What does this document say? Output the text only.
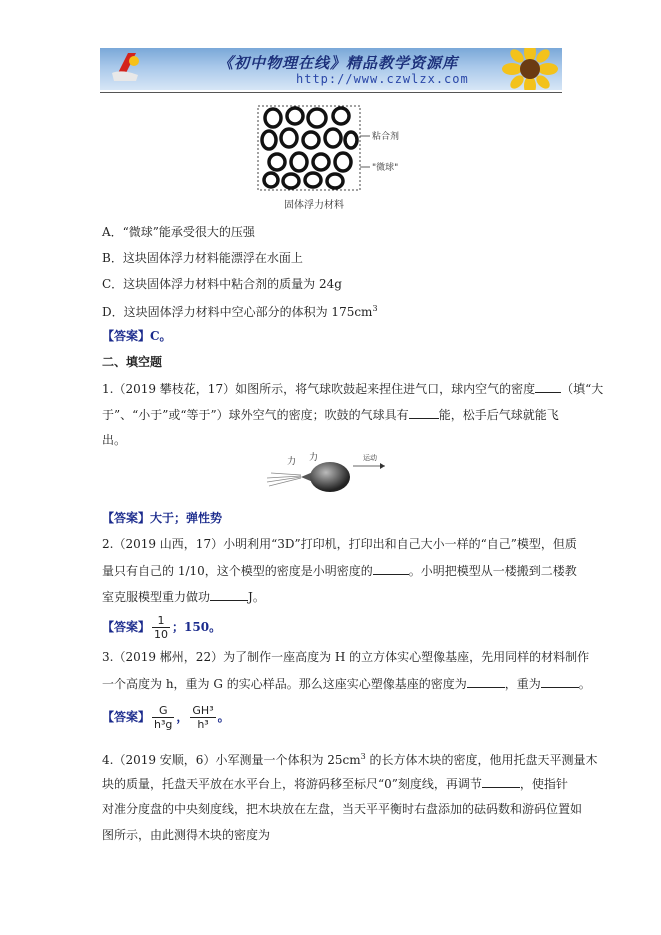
《初中物理在线》精品教学资源库
http://www.czwlzx.com
粘合剂
"微球"
固体浮力材料
A．“微球”能承受很大的压强
B．这块固体浮力材料能漂浮在水面上
C．这块固体浮力材料中粘合剂的质量为 24g
D．这块固体浮力材料中空心部分的体积为 $175cm^3$
【答案】C。
二、填空题
1.（2019 攀枝花，17）如图所示，将气球吹鼓起来捏住进气口，球内空气的密度 （填“大
于”、“小于”或“等于”）球外空气的密度；吹鼓的气球具有	能，松手后气球就能飞
出。
力 力	运动
【答案】大于；弹性势
2.（2019 山西，17）小明利用“3D”打印机，打印出和自己大小一样的“自己”模型，但质
量只有自己的 1/10，这个模型的密度是小明密度的	。小明把模型从一楼搬到二楼教
室克服模型重力做功	J。
【答案】 $\frac{1}{10}$ ；150。
3.（2019 郴州，22）为了制作一座高度为 H 的立方体实心塑像基座，先用同样的材料制作
一个高度为 h，重为 G 的实心样品。那么这座实心塑像基座的密度为	，重为	。
【答案】 $\frac{G}{\text{h³g}}$ ， $\frac{\text{GH³}}{\text{h³}}$ 。
4.（2019 安顺，6）小军测量一个体积为 $25cm^3$ 的长方体木块的密度，他用托盘天平测量木
块的质量，托盘天平放在水平台上，将游码移至标尺“0”刻度线，再调节	，使指针
对准分度盘的中央刻度线，把木块放在左盘，当天平平衡时右盘添加的砝码数和游码位置如
图所示，由此测得木块的密度为
